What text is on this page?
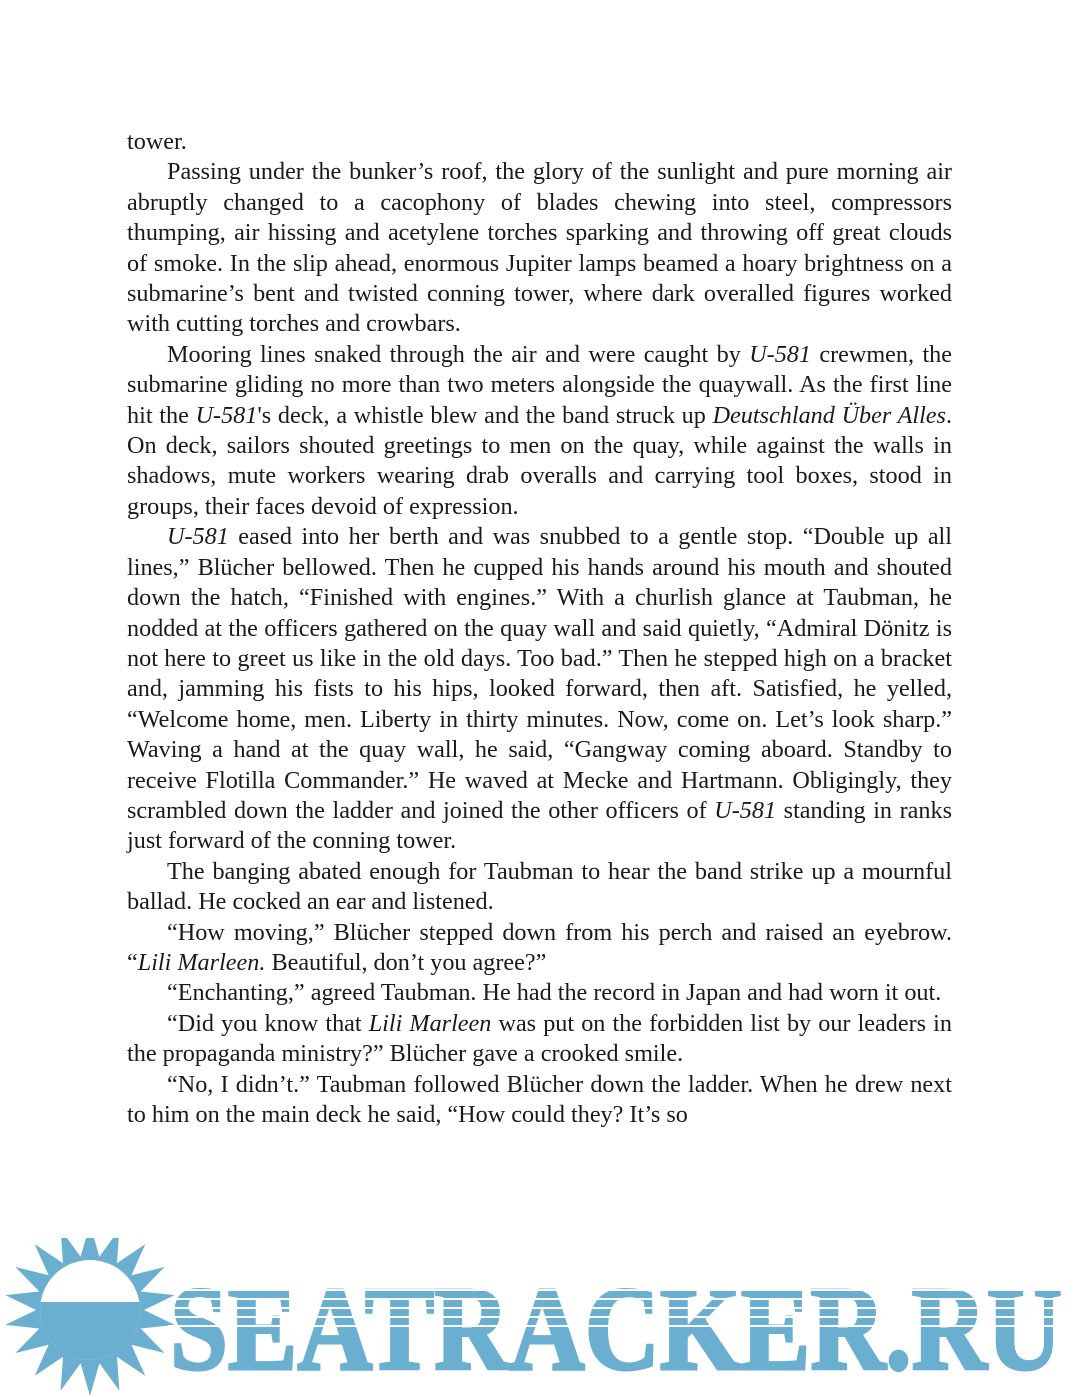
tower.

Passing under the bunker’s roof, the glory of the sunlight and pure morning air abruptly changed to a cacophony of blades chewing into steel, compressors thumping, air hissing and acetylene torches sparking and throwing off great clouds of smoke. In the slip ahead, enormous Jupiter lamps beamed a hoary brightness on a submarine’s bent and twisted conning tower, where dark overalled figures worked with cutting torches and crowbars.

Mooring lines snaked through the air and were caught by U-581 crewmen, the submarine gliding no more than two meters alongside the quaywall. As the first line hit the U-581's deck, a whistle blew and the band struck up Deutschland Über Alles. On deck, sailors shouted greetings to men on the quay, while against the walls in shadows, mute workers wearing drab overalls and carrying tool boxes, stood in groups, their faces devoid of expression.

U-581 eased into her berth and was snubbed to a gentle stop. “Double up all lines,” Blücher bellowed. Then he cupped his hands around his mouth and shouted down the hatch, “Finished with engines.” With a churlish glance at Taubman, he nodded at the officers gathered on the quay wall and said quietly, “Admiral Dönitz is not here to greet us like in the old days. Too bad.” Then he stepped high on a bracket and, jamming his fists to his hips, looked forward, then aft. Satisfied, he yelled, “Welcome home, men. Liberty in thirty minutes. Now, come on. Let’s look sharp.” Waving a hand at the quay wall, he said, “Gangway coming aboard. Standby to receive Flotilla Commander.” He waved at Mecke and Hartmann. Obligingly, they scrambled down the ladder and joined the other officers of U-581 standing in ranks just forward of the conning tower.

The banging abated enough for Taubman to hear the band strike up a mournful ballad. He cocked an ear and listened.

“How moving,” Blücher stepped down from his perch and raised an eyebrow. “Lili Marleen. Beautiful, don’t you agree?”

“Enchanting,” agreed Taubman. He had the record in Japan and had worn it out.

“Did you know that Lili Marleen was put on the forbidden list by our leaders in the propaganda ministry?” Blücher gave a crooked smile.

“No, I didn’t.” Taubman followed Blücher down the ladder. When he drew next to him on the main deck he said, “How could they? It’s so

SEATRACKER.RU
